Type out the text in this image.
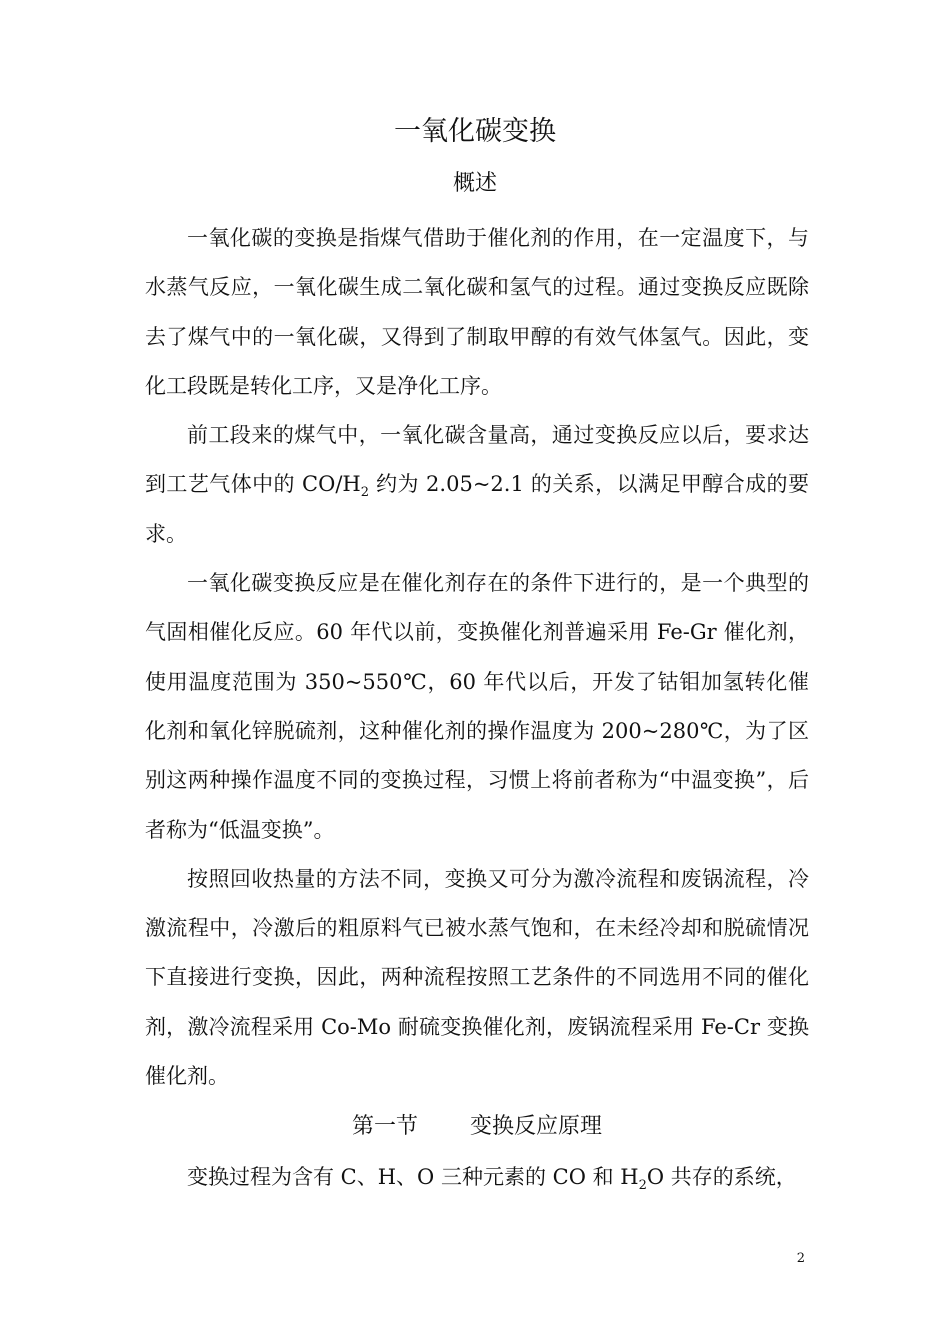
一氧化碳变换
概述

一氧化碳的变换是指煤气借助于催化剂的作用，在一定温度下，与水蒸气反应，一氧化碳生成二氧化碳和氢气的过程。通过变换反应既除去了煤气中的一氧化碳，又得到了制取甲醇的有效气体氢气。因此，变化工段既是转化工序，又是净化工序。

前工段来的煤气中，一氧化碳含量高，通过变换反应以后，要求达到工艺气体中的 $CO/H_2$ 约为 2.05~2.1 的关系，以满足甲醇合成的要求。

一氧化碳变换反应是在催化剂存在的条件下进行的，是一个典型的气固相催化反应。60 年代以前，变换催化剂普遍采用 Fe-Gr 催化剂，使用温度范围为 350~550℃，60 年代以后，开发了钴钼加氢转化催化剂和氧化锌脱硫剂，这种催化剂的操作温度为 200~280℃，为了区别这两种操作温度不同的变换过程，习惯上将前者称为“中温变换”，后者称为“低温变换”。

按照回收热量的方法不同，变换又可分为激冷流程和废锅流程，冷激流程中，冷激后的粗原料气已被水蒸气饱和，在未经冷却和脱硫情况下直接进行变换，因此，两种流程按照工艺条件的不同选用不同的催化剂，激冷流程采用 Co-Mo 耐硫变换催化剂，废锅流程采用 Fe-Cr 变换催化剂。

第一节 变换反应原理

变换过程为含有 C、H、O 三种元素的 CO 和 $H_2O$ 共存的系统，

2
